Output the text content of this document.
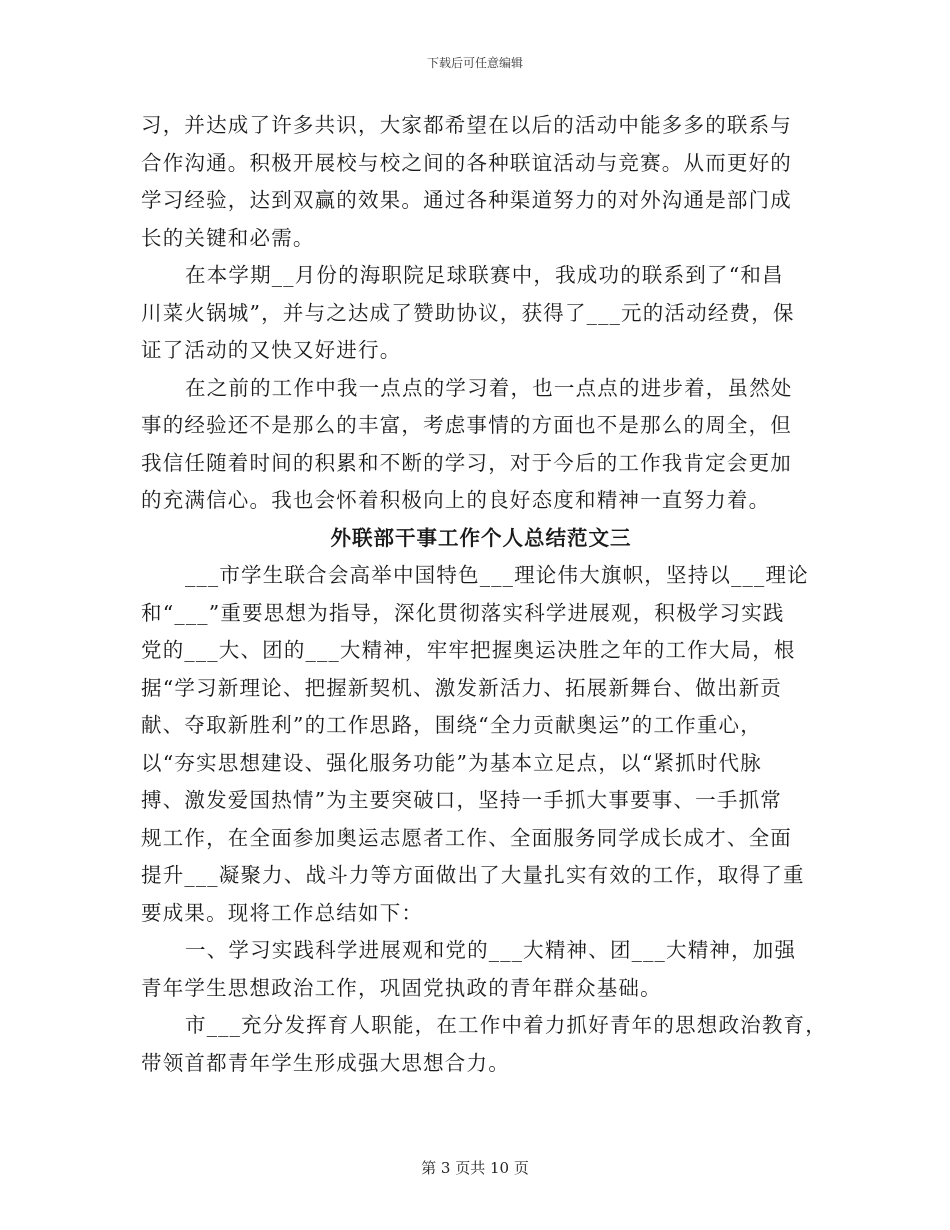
下载后可任意编辑
习，并达成了许多共识，大家都希望在以后的活动中能多多的联系与
合作沟通。积极开展校与校之间的各种联谊活动与竞赛。从而更好的
学习经验，达到双赢的效果。通过各种渠道努力的对外沟通是部门成
长的关键和必需。
在本学期__月份的海职院足球联赛中，我成功的联系到了“和昌
川菜火锅城”，并与之达成了赞助协议，获得了___元的活动经费，保
证了活动的又快又好进行。
在之前的工作中我一点点的学习着，也一点点的进步着，虽然处
事的经验还不是那么的丰富，考虑事情的方面也不是那么的周全，但
我信任随着时间的积累和不断的学习，对于今后的工作我肯定会更加
的充满信心。我也会怀着积极向上的良好态度和精神一直努力着。
外联部干事工作个人总结范文三
___市学生联合会高举中国特色___理论伟大旗帜，坚持以___理论
和“___”重要思想为指导，深化贯彻落实科学进展观，积极学习实践
党的___大、团的___大精神，牢牢把握奥运决胜之年的工作大局，根
据“学习新理论、把握新契机、激发新活力、拓展新舞台、做出新贡
献、夺取新胜利”的工作思路，围绕“全力贡献奥运”的工作重心，
以“夯实思想建设、强化服务功能”为基本立足点，以“紧抓时代脉
搏、激发爱国热情”为主要突破口，坚持一手抓大事要事、一手抓常
规工作，在全面参加奥运志愿者工作、全面服务同学成长成才、全面
提升___凝聚力、战斗力等方面做出了大量扎实有效的工作，取得了重
要成果。现将工作总结如下：
一、学习实践科学进展观和党的___大精神、团___大精神，加强
青年学生思想政治工作，巩固党执政的青年群众基础。
市___充分发挥育人职能，在工作中着力抓好青年的思想政治教育，
带领首都青年学生形成强大思想合力。
第 3 页共 10 页
